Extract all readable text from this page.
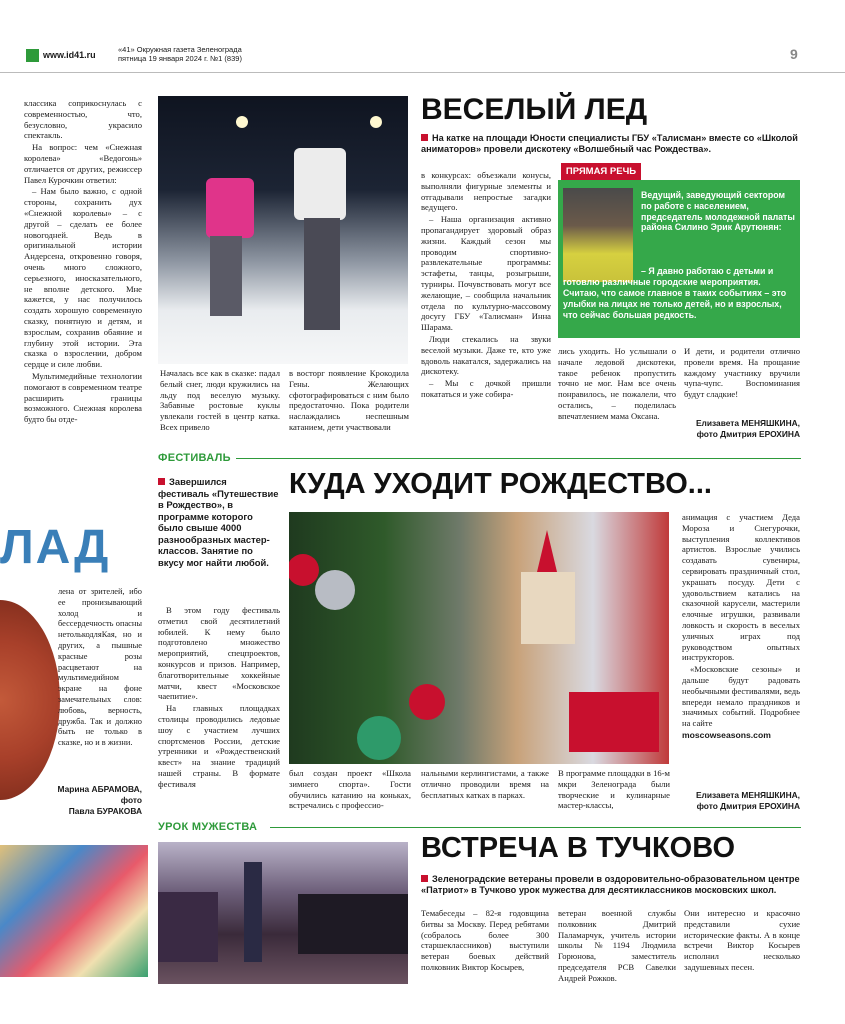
www.id41.ru
«41» Окружная газета Зеленограда
пятница 19 января 2024 г. №1 (839)	9

классика соприкоснулась с современностью, что, безусловно, украсило спектакль.

На вопрос: чем «Снежная королева» «Ведогонь» отличается от других, режиссер Павел Курочкин ответил:

– Нам было важно, с одной стороны, сохранить дух «Снежной королевы» – с другой – сделать ее более новогодней. Ведь в оригинальной истории Андерсена, откровенно говоря, очень много сложного, серьезного, иносказательного, не вполне детского. Мне кажется, у нас получилось создать хорошую современную сказку, понятную и детям, и взрослым, сохранив обаяние и глубину этой истории. Эта сказка о взрослении, добром сердце и силе любви.

Мультимедийные технологии помогают в современном театре расширить границы возможного. Снежная королева будто бы отде-

ЛАД
лена от зрителей, ибо ее пронизывающий холод и бессердечность опасны нетолькодляКая, но и других, а пышные красные розы расцветают на мультимедийном экране на фоне замечательных слов: любовь, верность, дружба. Так и должно быть не только в сказке, но и в жизни.
Марина АБРАМОВА,
фото
Павла БУРАКОВА
ВЕСЕЛЫЙ ЛЕД
На катке на площади Юности специалисты ГБУ «Талисман» вместе со «Школой аниматоров» провели дискотеку «Волшебный час Рождества».

в конкурсах: объезжали конусы, выполняли фигурные элементы и отгадывали непростые загадки ведущего.

– Наша организация активно пропагандирует здоровый образ жизни. Каждый сезон мы проводим спортивно-развлекательные программы: эстафеты, танцы, розыгрыши, турниры. Почувствовать могут все желающие, – сообщила начальник отдела по культурно-массовому досугу ГБУ «Талисман» Инна Шарама.

Люди стекались на звуки веселой музыки. Даже те, кто уже вдоволь накатался, задержались на дискотеку.

– Мы с дочкой пришли покататься и уже собира-

ПРЯМАЯ РЕЧЬ
Ведущий, заведующий сектором по работе с населением, председатель молодежной палаты района Силино Эрик Арутюнян:
– Я давно работаю с детьми и готовлю различные городские мероприятия. Считаю, что самое главное в таких событиях – это улыбки на лицах не только детей, но и взрослых, что сейчас большая редкость.
Началась все как в сказке: падал белый снег, люди кружились на льду под веселую музыку. Забавные ростовые куклы увлекали гостей в центр катка. Всех привело
в восторг появление Крокодила Гены. Желающих сфотографироваться с ним было предостаточно. Пока родители наслаждались неспешным катанием, дети участвовали
лись уходить. Но услышали о начале ледовой дискотеки, такое ребенок пропустить точно не мог. Нам все очень понравилось, не пожалели, что остались, – поделилась впечатлением мама Оксана.
И дети, и родители отлично провели время. На прощание каждому участнику вручили чупа-чупс. Воспоминания будут сладкие!
Елизавета МЕНЯШКИНА,
фото Дмитрия ЕРОХИНА
ФЕСТИВАЛЬ
КУДА УХОДИТ РОЖДЕСТВО...
Завершился фестиваль «Путешествие в Рождество», в программе которого было свыше 4000 разнообразных мастер-классов. Занятие по вкусу мог найти любой.

В этом году фестиваль отметил свой десятилетний юбилей. К нему было подготовлено множество мероприятий, спецпроектов, конкурсов и призов. Например, благотворительные хоккейные матчи, квест «Московское чаепитие».

На главных площадках столицы проводились ледовые шоу с участием лучших спортсменов России, детские утренники и «Рождественский квест» на знание традиций нашей страны. В формате фестиваля

анимация с участием Деда Мороза и Снегурочки, выступления коллективов артистов. Взрослые учились создавать сувениры, сервировать праздничный стол, украшать посуду. Дети с удовольствием катались на сказочной карусели, мастерили елочные игрушки, развивали ловкость и скорость в веселых уличных играх под руководством опытных инструкторов.

«Московские сезоны» и дальше будут радовать необычными фестивалями, ведь впереди немало праздников и значимых событий. Подробнее на сайте

moscowseasons.com
был создан проект «Школа зимнего спорта». Гости обучились катанию на коньках, встречались с профессио-
нальными керлингистами, а также отлично проводили время на бесплатных катках в парках.
В программе площадки в 16-м мкри Зеленограда были творческие и кулинарные мастер-классы,
Елизавета МЕНЯШКИНА,
фото Дмитрия ЕРОХИНА
УРОК МУЖЕСТВА
ВСТРЕЧА В ТУЧКОВО
Зеленоградские ветераны провели в оздоровительно-образовательном центре «Патриот» в Тучково урок мужества для десятиклассников московских школ.
Темабеседы – 82-я годовщина битвы за Москву. Перед ребятами (собралось более 300 старшеклассников) выступили ветеран боевых действий полковник Виктор Косырев,
ветеран военной службы полковник Дмитрий Паламарчук, учитель истории школы №1194 Людмила Горюнова, заместитель председателя РСВ Савелки Андрей Рожков.
Они интересно и красочно представили сухие исторические факты. А в конце встречи Виктор Косырев исполнил несколько задушевных песен.
